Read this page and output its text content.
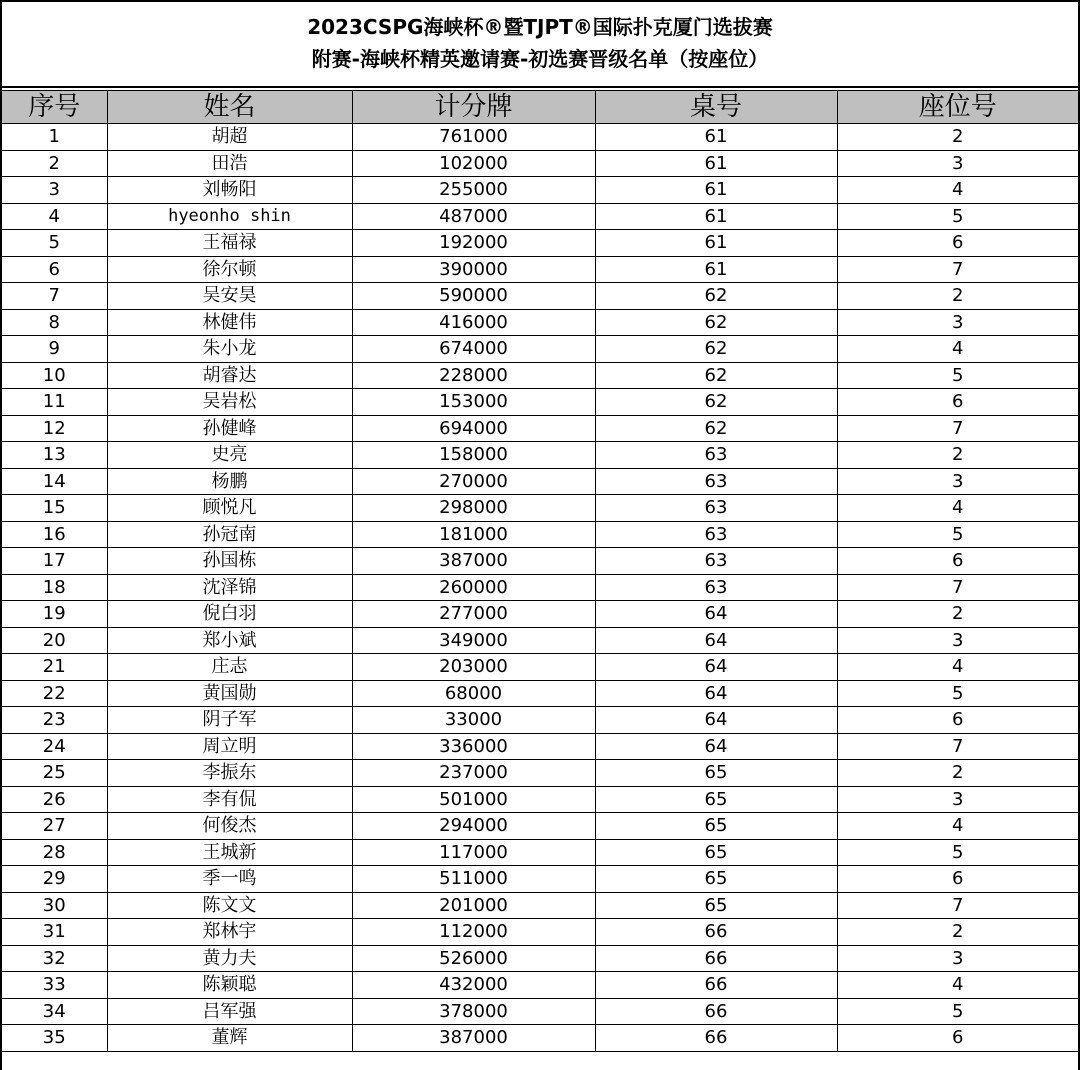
2023CSPG海峡杯®暨TJPT®国际扑克厦门选拔赛
附赛-海峡杯精英邀请赛-初选赛晋级名单（按座位）
序号	姓名	计分牌	桌号	座位号
1	胡超	761000	61	2
2	田浩	102000	61	3
3	刘畅阳	255000	61	4
4	hyeonho shin	487000	61	5
5	王福禄	192000	61	6
6	徐尔顿	390000	61	7
7	吴安昊	590000	62	2
8	林健伟	416000	62	3
9	朱小龙	674000	62	4
10	胡睿达	228000	62	5
11	吴岩松	153000	62	6
12	孙健峰	694000	62	7
13	史亮	158000	63	2
14	杨鹏	270000	63	3
15	顾悦凡	298000	63	4
16	孙冠南	181000	63	5
17	孙国栋	387000	63	6
18	沈泽锦	260000	63	7
19	倪白羽	277000	64	2
20	郑小斌	349000	64	3
21	庄志	203000	64	4
22	黄国勋	68000	64	5
23	阴子军	33000	64	6
24	周立明	336000	64	7
25	李振东	237000	65	2
26	李有侃	501000	65	3
27	何俊杰	294000	65	4
28	王城新	117000	65	5
29	季一鸣	511000	65	6
30	陈文文	201000	65	7
31	郑林宇	112000	66	2
32	黄力夫	526000	66	3
33	陈颖聪	432000	66	4
34	吕军强	378000	66	5
35	董辉	387000	66	6
